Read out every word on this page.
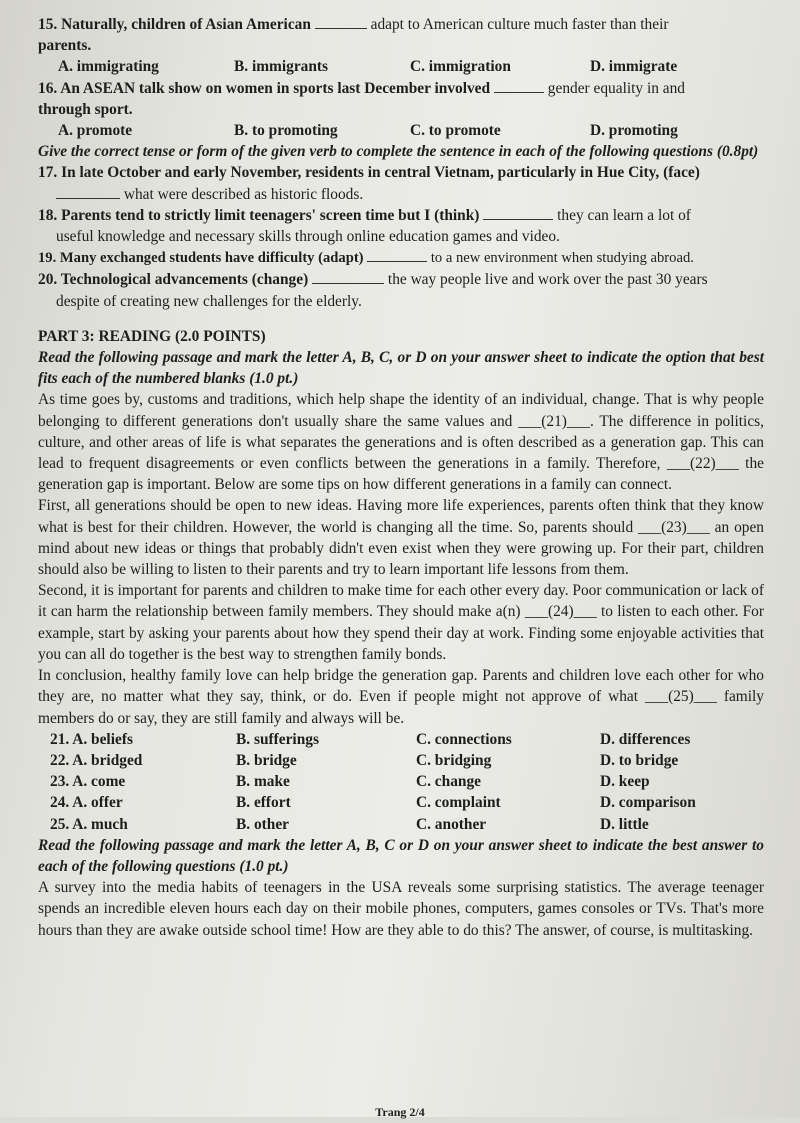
15. Naturally, children of Asian American	adapt to American culture much faster than their
parents.
A. immigrating	B. immigrants	C. immigration	D. immigrate
16. An ASEAN talk show on women in sports last December involved	gender equality in and
through sport.
A. promote	B. to promoting	C. to promote	D. promoting
Give the correct tense or form of the given verb to complete the sentence in each of the following questions (0.8pt)
17. In late October and early November, residents in central Vietnam, particularly in Hue City, (face)
what were described as historic floods.
18. Parents tend to strictly limit teenagers' screen time but I (think)	they can learn a lot of
useful knowledge and necessary skills through online education games and video.
19. Many exchanged students have difficulty (adapt)	to a new environment when studying abroad.
20. Technological advancements (change)	the way people live and work over the past 30 years
despite of creating new challenges for the elderly.
PART 3: READING (2.0 POINTS)
Read the following passage and mark the letter A, B, C, or D on your answer sheet to indicate the option that best fits each of the numbered blanks (1.0 pt.)
As time goes by, customs and traditions, which help shape the identity of an individual, change. That is why people belonging to different generations don't usually share the same values and ___(21)___. The difference in politics, culture, and other areas of life is what separates the generations and is often described as a generation gap. This can lead to frequent disagreements or even conflicts between the generations in a family. Therefore, ___(22)___ the generation gap is important. Below are some tips on how different generations in a family can connect.
First, all generations should be open to new ideas. Having more life experiences, parents often think that they know what is best for their children. However, the world is changing all the time. So, parents should ___(23)___ an open mind about new ideas or things that probably didn't even exist when they were growing up. For their part, children should also be willing to listen to their parents and try to learn important life lessons from them.
Second, it is important for parents and children to make time for each other every day. Poor communication or lack of it can harm the relationship between family members. They should make a(n) ___(24)___ to listen to each other. For example, start by asking your parents about how they spend their day at work. Finding some enjoyable activities that you can all do together is the best way to strengthen family bonds.
In conclusion, healthy family love can help bridge the generation gap. Parents and children love each other for who they are, no matter what they say, think, or do. Even if people might not approve of what ___(25)___ family members do or say, they are still family and always will be.
21. A. beliefs	B. sufferings	C. connections	D. differences
22. A. bridged	B. bridge	C. bridging	D. to bridge
23. A. come	B. make	C. change	D. keep
24. A. offer	B. effort	C. complaint	D. comparison
25. A. much	B. other	C. another	D. little
Read the following passage and mark the letter A, B, C or D on your answer sheet to indicate the best answer to each of the following questions (1.0 pt.)
A survey into the media habits of teenagers in the USA reveals some surprising statistics. The average teenager spends an incredible eleven hours each day on their mobile phones, computers, games consoles or TVs. That's more hours than they are awake outside school time! How are they able to do this? The answer, of course, is multitasking.
Trang 2/4
